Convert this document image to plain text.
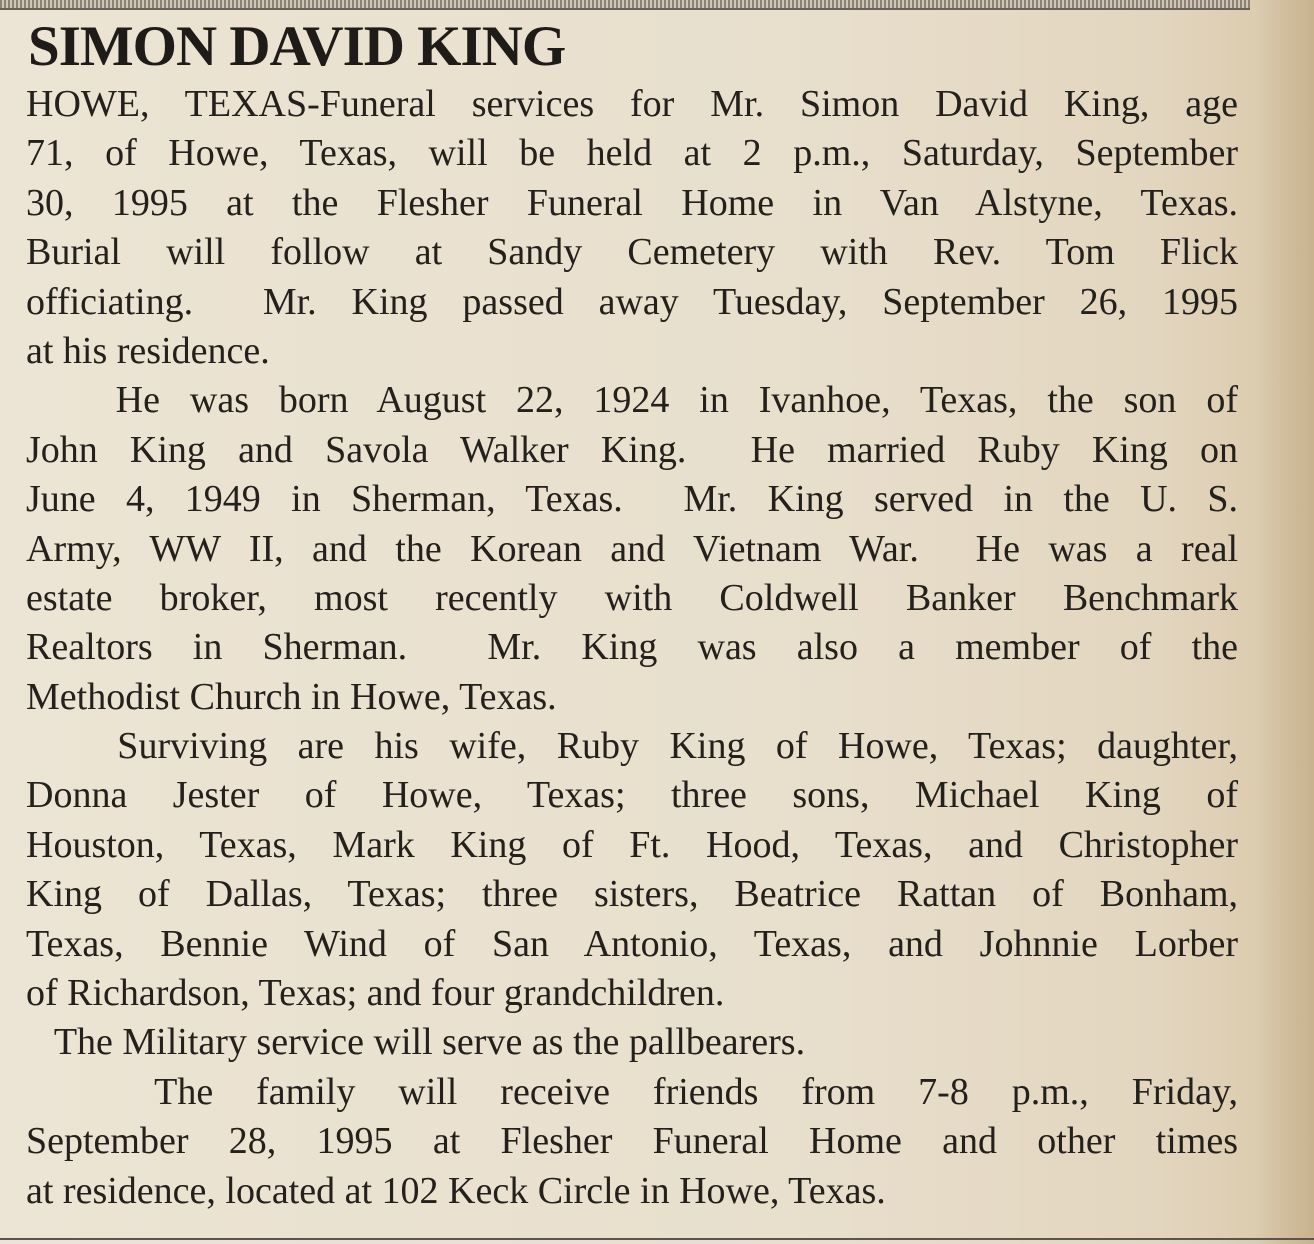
SIMON DAVID KING
HOWE, TEXAS-Funeral services for Mr. Simon David King, age
71, of Howe, Texas, will be held at 2 p.m., Saturday, September
30, 1995 at the Flesher Funeral Home in Van Alstyne, Texas.
Burial will follow at Sandy Cemetery with Rev. Tom Flick
officiating.  Mr. King passed away Tuesday, September 26, 1995
at his residence.
He was born August 22, 1924 in Ivanhoe, Texas, the son of
John King and Savola Walker King.  He married Ruby King on
June 4, 1949 in Sherman, Texas.  Mr. King served in the U. S.
Army, WW II, and the Korean and Vietnam War.  He was a real
estate broker, most recently with Coldwell Banker Benchmark
Realtors in Sherman.  Mr. King was also a member of the
Methodist Church in Howe, Texas.
Surviving are his wife, Ruby King of Howe, Texas; daughter,
Donna Jester of Howe, Texas; three sons, Michael King of
Houston, Texas, Mark King of Ft. Hood, Texas, and Christopher
King of Dallas, Texas; three sisters, Beatrice Rattan of Bonham,
Texas, Bennie Wind of San Antonio, Texas, and Johnnie Lorber
of Richardson, Texas; and four grandchildren.
The Military service will serve as the pallbearers.
The family will receive friends from 7-8 p.m., Friday,
September 28, 1995 at Flesher Funeral Home and other times
at residence, located at 102 Keck Circle in Howe, Texas.
